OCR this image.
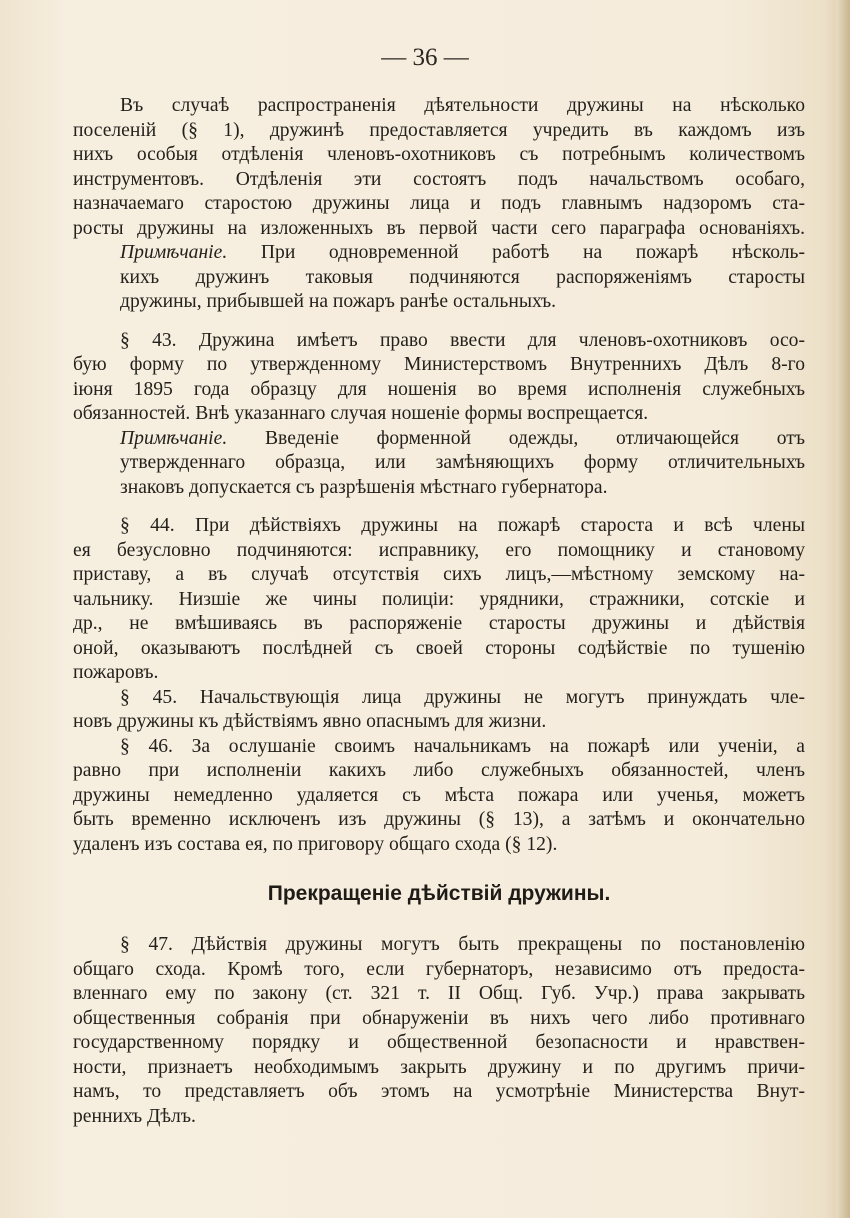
— 36 —
Въ случаѣ распространенія дѣятельности дружины на нѣсколько
поселеній (§ 1), дружинѣ предоставляется учредить въ каждомъ изъ
нихъ особыя отдѣленія членовъ-охотниковъ съ потребнымъ количествомъ
инструментовъ. Отдѣленія эти состоятъ подъ начальствомъ особаго,
назначаемаго старостою дружины лица и подъ главнымъ надзоромъ ста-
росты дружины на изложенныхъ въ первой части сего параграфа основаніяхъ.
Примѣчаніе. При одновременной работѣ на пожарѣ нѣсколь-
кихъ дружинъ таковыя подчиняются распоряженіямъ старосты
дружины, прибывшей на пожаръ ранѣе остальныхъ.
§ 43. Дружина имѣетъ право ввести для членовъ-охотниковъ осо-
бую форму по утвержденному Министерствомъ Внутреннихъ Дѣлъ 8-го
іюня 1895 года образцу для ношенія во время исполненія служебныхъ
обязанностей. Внѣ указаннаго случая ношеніе формы воспрещается.
Примѣчаніе. Введеніе форменной одежды, отличающейся отъ
утвержденнаго образца, или замѣняющихъ форму отличительныхъ
знаковъ допускается съ разрѣшенія мѣстнаго губернатора.
§ 44. При дѣйствіяхъ дружины на пожарѣ староста и всѣ члены
ея безусловно подчиняются: исправнику, его помощнику и становому
приставу, а въ случаѣ отсутствія сихъ лицъ,—мѣстному земскому на-
чальнику. Низшіе же чины полиціи: урядники, стражники, сотскіе и
др., не вмѣшиваясь въ распоряженіе старосты дружины и дѣйствія
оной, оказываютъ послѣдней съ своей стороны содѣйствіе по тушенію
пожаровъ.
§ 45. Начальствующія лица дружины не могутъ принуждать чле-
новъ дружины къ дѣйствіямъ явно опаснымъ для жизни.
§ 46. За ослушаніе своимъ начальникамъ на пожарѣ или ученіи, а
равно при исполненіи какихъ либо служебныхъ обязанностей, членъ
дружины немедленно удаляется съ мѣста пожара или ученья, можетъ
быть временно исключенъ изъ дружины (§ 13), а затѣмъ и окончательно
удаленъ изъ состава ея, по приговору общаго схода (§ 12).
Прекращеніе дѣйствій дружины.
§ 47. Дѣйствія дружины могутъ быть прекращены по постановленію
общаго схода. Кромѣ того, если губернаторъ, независимо отъ предоста-
вленнаго ему по закону (ст. 321 т. II Общ. Губ. Учр.) права закрывать
общественныя собранія при обнаруженіи въ нихъ чего либо противнаго
государственному порядку и общественной безопасности и нравствен-
ности, признаетъ необходимымъ закрыть дружину и по другимъ причи-
намъ, то представляетъ объ этомъ на усмотрѣніе Министерства Внут-
реннихъ Дѣлъ.
